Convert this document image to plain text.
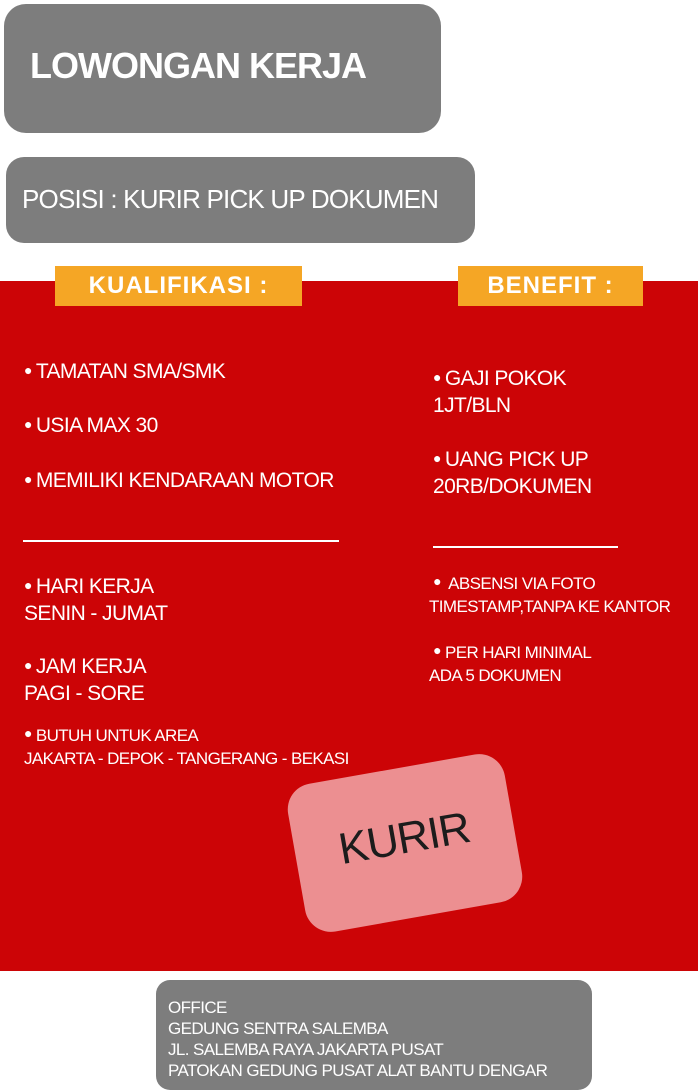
LOWONGAN KERJA
POSISI : KURIR PICK UP DOKUMEN
KUALIFIKASI :	BENEFIT :
● TAMATAN SMA/SMK
● USIA MAX 30
● MEMILIKI KENDARAAN MOTOR
● HARI KERJA
SENIN - JUMAT
● JAM KERJA
PAGI - SORE
● BUTUH UNTUK AREA
JAKARTA - DEPOK - TANGERANG - BEKASI
● GAJI POKOK
1JT/BLN
● UANG PICK UP
20RB/DOKUMEN
● ABSENSI VIA FOTO
TIMESTAMP,TANPA KE KANTOR
● PER HARI MINIMAL
ADA 5 DOKUMEN
KURIR
OFFICE
GEDUNG SENTRA SALEMBA
JL. SALEMBA RAYA JAKARTA PUSAT
PATOKAN GEDUNG PUSAT ALAT BANTU DENGAR
